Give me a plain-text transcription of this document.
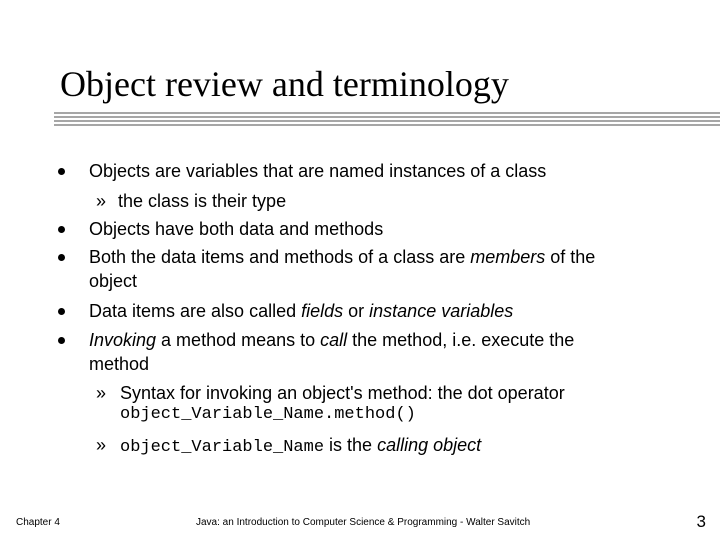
Object review and terminology
Objects are variables that are named instances of a class
» the class is their type
Objects have both data and methods
Both the data items and methods of a class are members of the
object
Data items are also called fields or instance variables
Invoking a method means to call the method, i.e. execute the
method
» Syntax for invoking an object's method: the dot operator
object_Variable_Name.method()
» object_Variable_Name is the calling object
Chapter 4	Java: an Introduction to Computer Science & Programming - Walter Savitch	3
